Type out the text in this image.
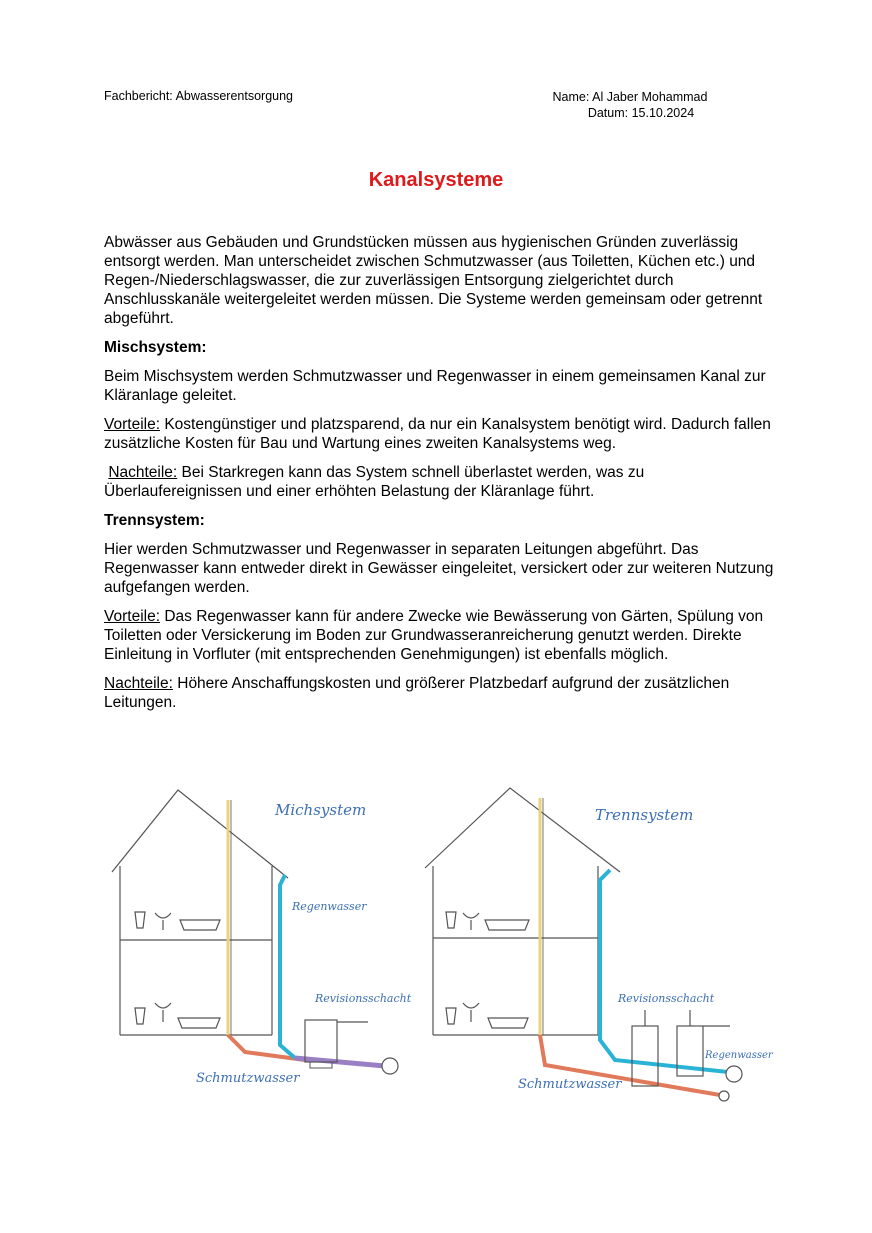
Fachbericht: Abwasserentsorgung	Name: Al Jaber Mohammad
Datum: 15.10.2024
Kanalsysteme

Abwässer aus Gebäuden und Grundstücken müssen aus hygienischen Gründen zuverlässig entsorgt werden. Man unterscheidet zwischen Schmutzwasser (aus Toiletten, Küchen etc.) und Regen-/Niederschlagswasser, die zur zuverlässigen Entsorgung zielgerichtet durch Anschlusskanäle weitergeleitet werden müssen. Die Systeme werden gemeinsam oder getrennt abgeführt.

Mischsystem:

Beim Mischsystem werden Schmutzwasser und Regenwasser in einem gemeinsamen Kanal zur Kläranlage geleitet.

Vorteile: Kostengünstiger und platzsparend, da nur ein Kanalsystem benötigt wird. Dadurch fallen zusätzliche Kosten für Bau und Wartung eines zweiten Kanalsystems weg.

Nachteile: Bei Starkregen kann das System schnell überlastet werden, was zu Überlaufereignissen und einer erhöhten Belastung der Kläranlage führt.

Trennsystem:

Hier werden Schmutzwasser und Regenwasser in separaten Leitungen abgeführt. Das Regenwasser kann entweder direkt in Gewässer eingeleitet, versickert oder zur weiteren Nutzung aufgefangen werden.

Vorteile: Das Regenwasser kann für andere Zwecke wie Bewässerung von Gärten, Spülung von Toiletten oder Versickerung im Boden zur Grundwasseranreicherung genutzt werden. Direkte Einleitung in Vorfluter (mit entsprechenden Genehmigungen) ist ebenfalls möglich.

Nachteile: Höhere Anschaffungskosten und größerer Platzbedarf aufgrund der zusätzlichen Leitungen.

Michsystem
Regenwasser
Revisionsschacht
Schmutzwasser
Trennsystem
Revisionsschacht
Regenwasser
Schmutzwasser
